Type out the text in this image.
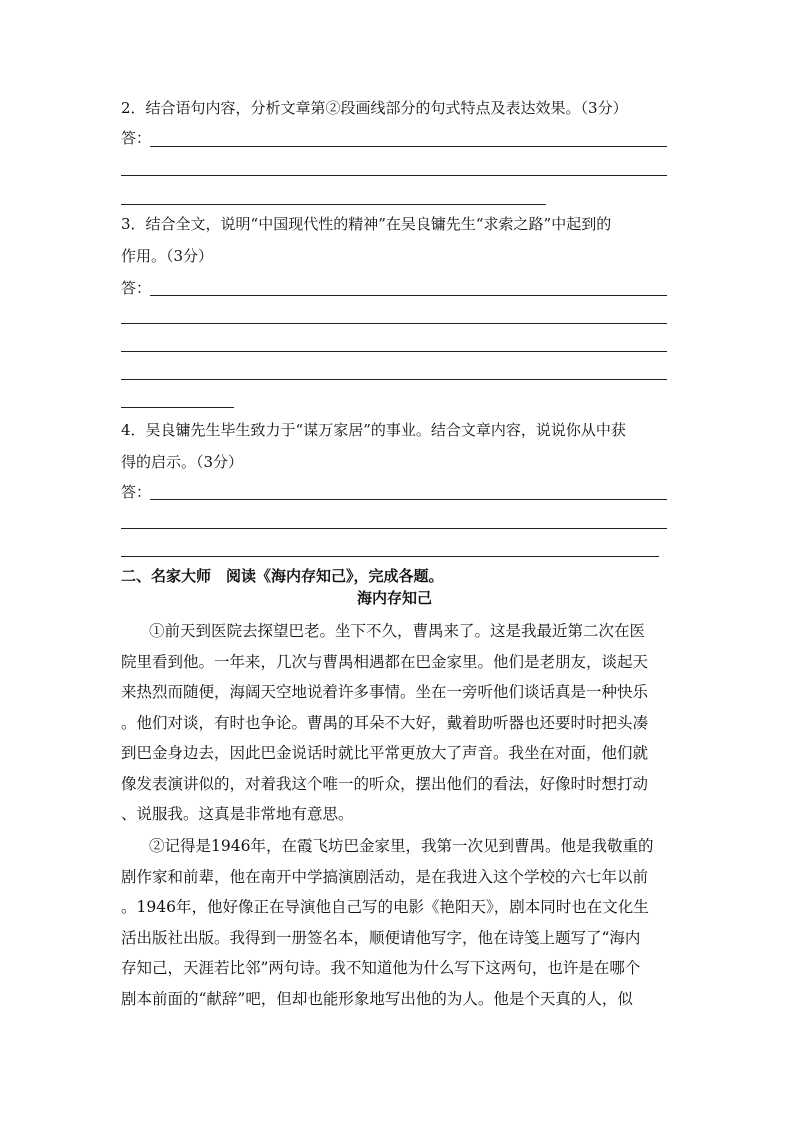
2．结合语句内容，分析文章第②段画线部分的句式特点及表达效果。（3分）
答：
3．结合全文，说明“中国现代性的精神”在吴良镛先生“求索之路”中起到的
作用。（3分）
答：
4．吴良镛先生毕生致力于“谋万家居”的事业。结合文章内容，说说你从中获
得的启示。（3分）
答：
二、名家大师　阅读《海内存知己》，完成各题。
海内存知己

①前天到医院去探望巴老。坐下不久，曹禺来了。这是我最近第二次在医

院里看到他。一年来，几次与曹禺相遇都在巴金家里。他们是老朋友，谈起天

来热烈而随便，海阔天空地说着许多事情。坐在一旁听他们谈话真是一种快乐

。他们对谈，有时也争论。曹禺的耳朵不大好，戴着助听器也还要时时把头凑

到巴金身边去，因此巴金说话时就比平常更放大了声音。我坐在对面，他们就

像发表演讲似的，对着我这个唯一的听众，摆出他们的看法，好像时时想打动

、说服我。这真是非常地有意思。

②记得是1946年，在霞飞坊巴金家里，我第一次见到曹禺。他是我敬重的

剧作家和前辈，他在南开中学搞演剧活动，是在我进入这个学校的六七年以前

。1946年，他好像正在导演他自己写的电影《艳阳天》，剧本同时也在文化生

活出版社出版。我得到一册签名本，顺便请他写字，他在诗笺上题写了“海内

存知己，天涯若比邻”两句诗。我不知道他为什么写下这两句，也许是在哪个

剧本前面的“献辞”吧，但却也能形象地写出他的为人。他是个天真的人，似
